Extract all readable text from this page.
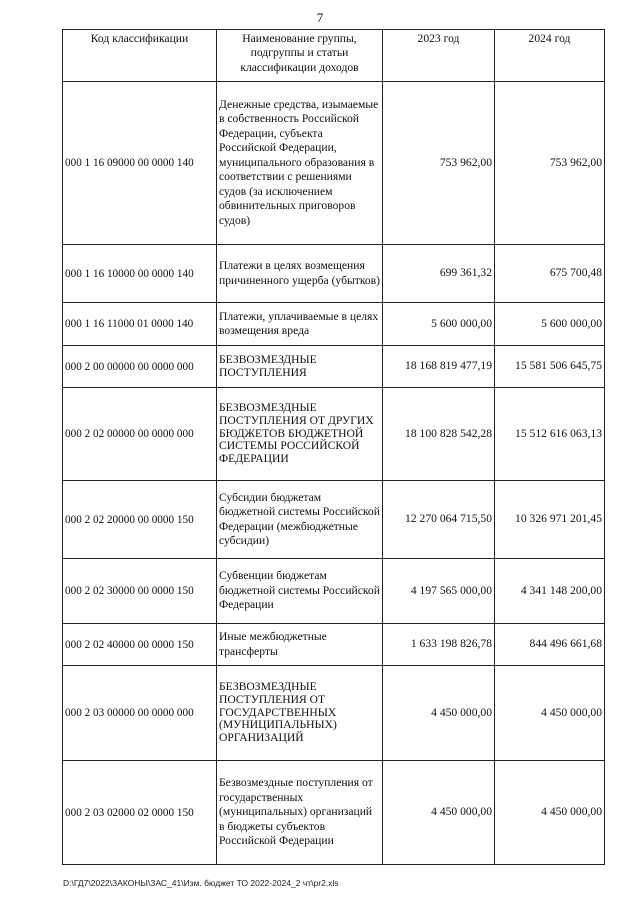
7
Код классификации	Наименование группы, подгруппы и статьи классификации доходов	2023 год	2024 год
000 1 16 09000 00 0000 140	Денежные средства, изымаемые в собственность Российской Федерации, субъекта Российской Федерации, муниципального образования в соответствии с решениями судов (за исключением обвинительных приговоров судов)	753 962,00	753 962,00
000 1 16 10000 00 0000 140	Платежи в целях возмещения причиненного ущерба (убытков)	699 361,32	675 700,48
000 1 16 11000 01 0000 140	Платежи, уплачиваемые в целях возмещения вреда	5 600 000,00	5 600 000,00
000 2 00 00000 00 0000 000	БЕЗВОЗМЕЗДНЫЕ ПОСТУПЛЕНИЯ	18 168 819 477,19	15 581 506 645,75
000 2 02 00000 00 0000 000	БЕЗВОЗМЕЗДНЫЕ ПОСТУПЛЕНИЯ ОТ ДРУГИХ БЮДЖЕТОВ БЮДЖЕТНОЙ СИСТЕМЫ РОССИЙСКОЙ ФЕДЕРАЦИИ	18 100 828 542,28	15 512 616 063,13
000 2 02 20000 00 0000 150	Субсидии бюджетам бюджетной системы Российской Федерации (межбюджетные субсидии)	12 270 064 715,50	10 326 971 201,45
000 2 02 30000 00 0000 150	Субвенции бюджетам бюджетной системы Российской Федерации	4 197 565 000,00	4 341 148 200,00
000 2 02 40000 00 0000 150	Иные межбюджетные трансферты	1 633 198 826,78	844 496 661,68
000 2 03 00000 00 0000 000	БЕЗВОЗМЕЗДНЫЕ ПОСТУПЛЕНИЯ ОТ ГОСУДАРСТВЕННЫХ (МУНИЦИПАЛЬНЫХ) ОРГАНИЗАЦИЙ	4 450 000,00	4 450 000,00
000 2 03 02000 02 0000 150	Безвозмездные поступления от государственных (муниципальных) организаций в бюджеты субъектов Российской Федерации	4 450 000,00	4 450 000,00
D:\ГД7\2022\ЗАКОНЫ\ЗАС_41\Изм. бюджет ТО 2022-2024_2 чт\pr2.xls
